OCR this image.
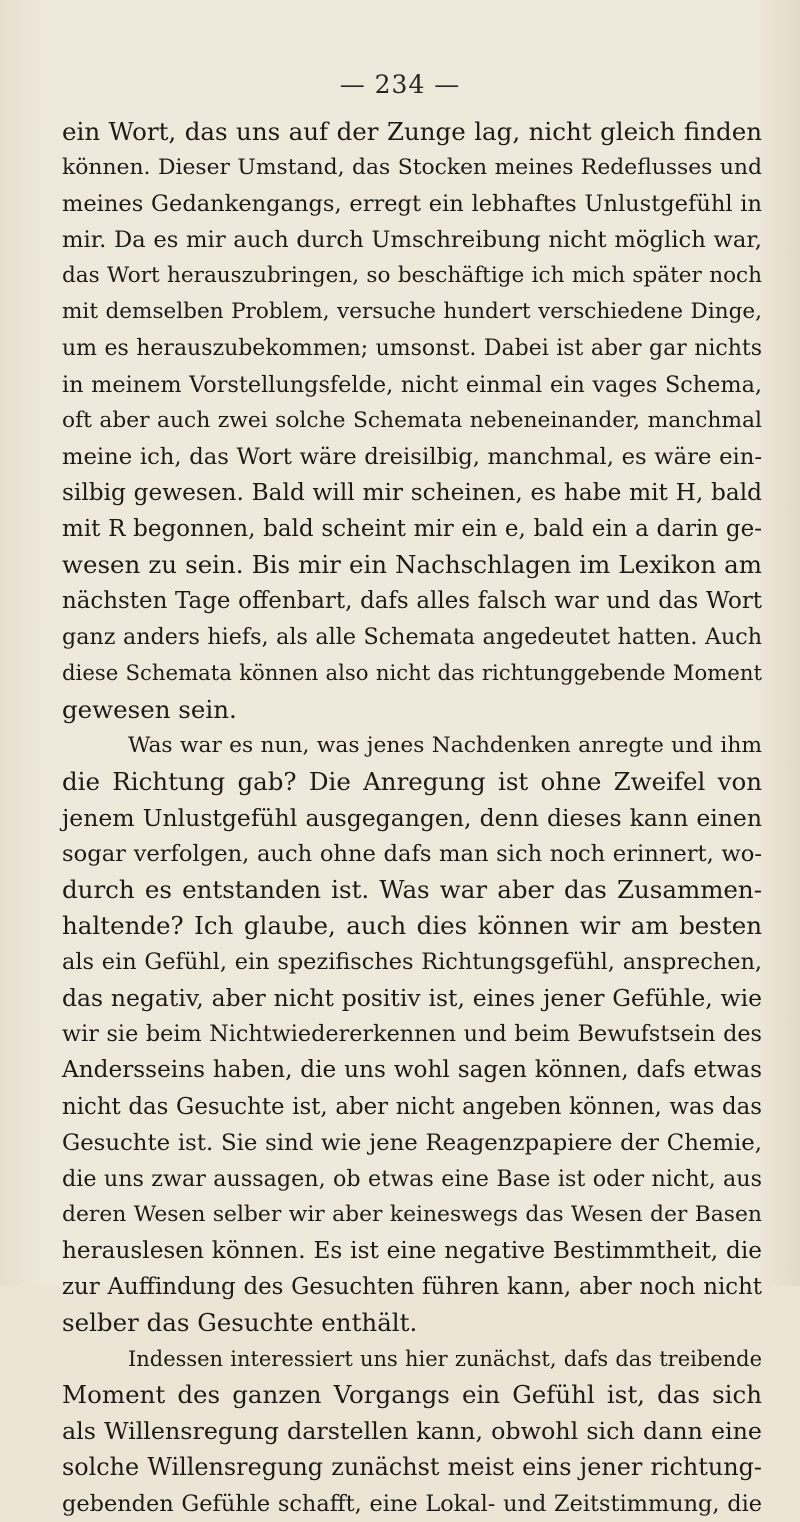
— 234 —
ein Wort, das uns auf der Zunge lag, nicht gleich finden
können. Dieser Umstand, das Stocken meines Redeflusses und
meines Gedankengangs, erregt ein lebhaftes Unlustgefühl in
mir. Da es mir auch durch Umschreibung nicht möglich war,
das Wort herauszubringen, so beschäftige ich mich später noch
mit demselben Problem, versuche hundert verschiedene Dinge,
um es herauszubekommen; umsonst. Dabei ist aber gar nichts
in meinem Vorstellungsfelde, nicht einmal ein vages Schema,
oft aber auch zwei solche Schemata nebeneinander, manchmal
meine ich, das Wort wäre dreisilbig, manchmal, es wäre ein-
silbig gewesen. Bald will mir scheinen, es habe mit H, bald
mit R begonnen, bald scheint mir ein e, bald ein a darin ge-
wesen zu sein. Bis mir ein Nachschlagen im Lexikon am
nächsten Tage offenbart, dafs alles falsch war und das Wort
ganz anders hiefs, als alle Schemata angedeutet hatten. Auch
diese Schemata können also nicht das richtunggebende Moment
gewesen sein.
Was war es nun, was jenes Nachdenken anregte und ihm
die Richtung gab? Die Anregung ist ohne Zweifel von
jenem Unlustgefühl ausgegangen, denn dieses kann einen
sogar verfolgen, auch ohne dafs man sich noch erinnert, wo-
durch es entstanden ist. Was war aber das Zusammen-
haltende? Ich glaube, auch dies können wir am besten
als ein Gefühl, ein spezifisches Richtungsgefühl, ansprechen,
das negativ, aber nicht positiv ist, eines jener Gefühle, wie
wir sie beim Nichtwiedererkennen und beim Bewufstsein des
Andersseins haben, die uns wohl sagen können, dafs etwas
nicht das Gesuchte ist, aber nicht angeben können, was das
Gesuchte ist. Sie sind wie jene Reagenzpapiere der Chemie,
die uns zwar aussagen, ob etwas eine Base ist oder nicht, aus
deren Wesen selber wir aber keineswegs das Wesen der Basen
herauslesen können. Es ist eine negative Bestimmtheit, die
zur Auffindung des Gesuchten führen kann, aber noch nicht
selber das Gesuchte enthält.
Indessen interessiert uns hier zunächst, dafs das treibende
Moment des ganzen Vorgangs ein Gefühl ist, das sich
als Willensregung darstellen kann, obwohl sich dann eine
solche Willensregung zunächst meist eins jener richtung-
gebenden Gefühle schafft, eine Lokal- und Zeitstimmung, die
